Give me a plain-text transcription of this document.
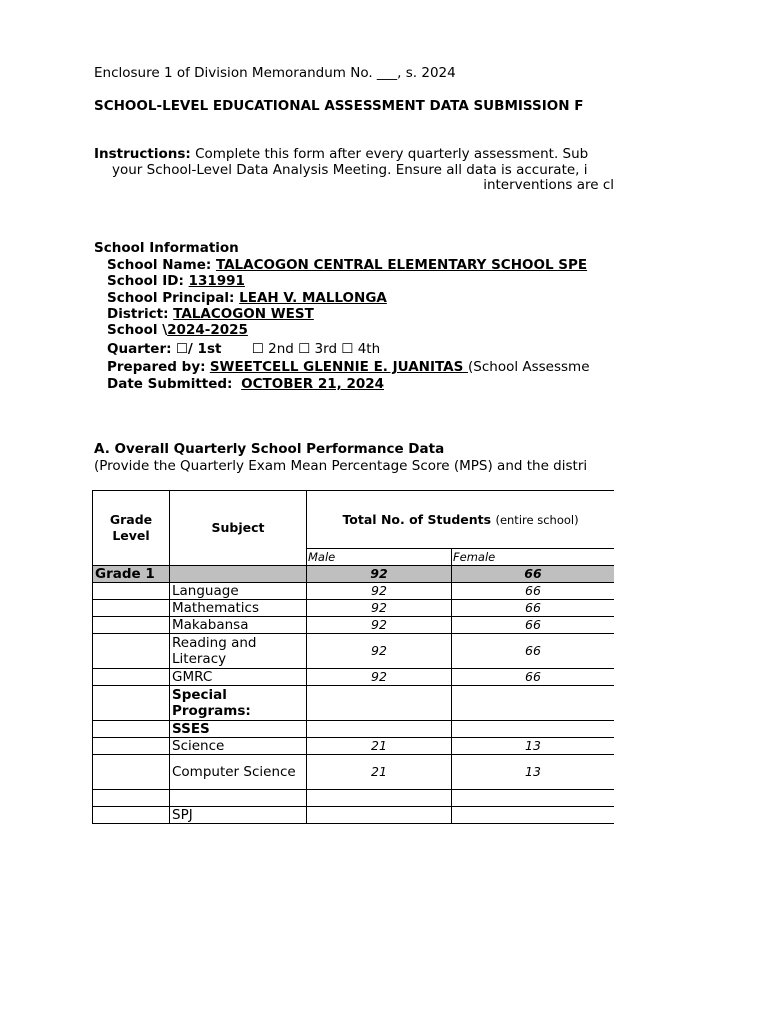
Enclosure 1 of Division Memorandum No. ___, s. 2024
SCHOOL-LEVEL EDUCATIONAL ASSESSMENT DATA SUBMISSION F
Instructions: Complete this form after every quarterly assessment. Sub
your School-Level Data Analysis Meeting. Ensure all data is accurate, i
interventions are cl
School Information
School Name: TALACOGON CENTRAL ELEMENTARY SCHOOL SPE
School ID: 131991
School Principal: LEAH V. MALLONGA
District: TALACOGON WEST
School \2024-2025
Quarter: ☐/ 1st ☐ 2nd ☐ 3rd ☐ 4th
Prepared by: SWEETCELL GLENNIE E. JUANITAS (School Assessme
Date Submitted: OCTOBER 21, 2024
A. Overall Quarterly School Performance Data
(Provide the Quarterly Exam Mean Percentage Score (MPS) and the distri
Grade
Level	Subject	Total No. of Students (entire school)	
		Male	Female
Grade 1		92	66
	Language	92	66
	Mathematics	92	66
	Makabansa	92	66
	Reading and Literacy	92	66
	GMRC	92	66
	Special Programs:		
	SSES		
	Science	21	13
	Computer Science	21	13

	SPJ		
